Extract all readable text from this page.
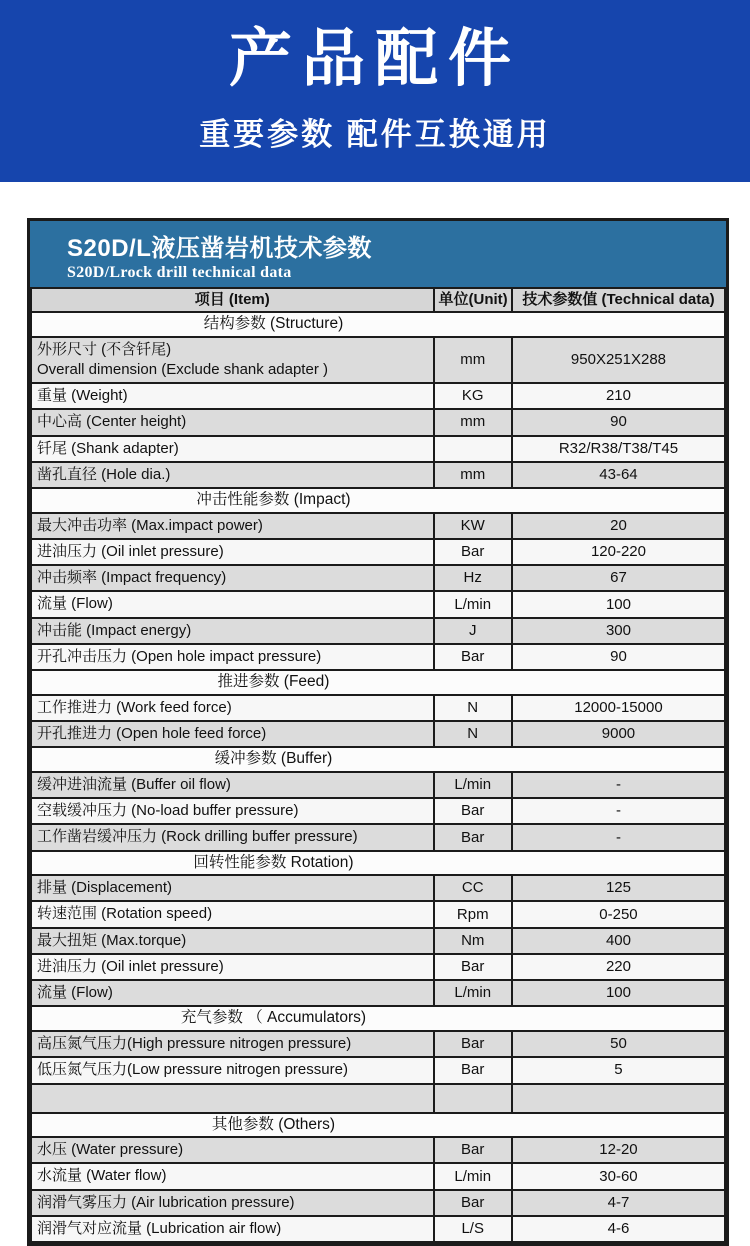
产品配件
重要参数 配件互换通用
S20D/L液压凿岩机技术参数
S20D/Lrock drill technical data
项目 (Item)	单位(Unit)	技术参数值 (Technical data)
结构参数 (Structure)		

外形尺寸 (不含钎尾)
Overall dimension (Exclude shank adapter )	mm	950X251X288

重量 (Weight)	KG	210

中心高 (Center height)	mm	90

钎尾 (Shank adapter)		R32/R38/T38/T45

凿孔直径 (Hole dia.)	mm	43-64
冲击性能参数 (Impact)		

最大冲击功率 (Max.impact power)	KW	20

进油压力 (Oil inlet pressure)	Bar	120-220

冲击频率 (Impact frequency)	Hz	67

流量 (Flow)	L/min	100

冲击能 (Impact energy)	J	300

开孔冲击压力 (Open hole impact pressure)	Bar	90
推进参数 (Feed)		

工作推进力 (Work feed force)	N	12000-15000

开孔推进力 (Open hole feed force)	N	9000
缓冲参数 (Buffer)		

缓冲进油流量 (Buffer oil flow)	L/min	-

空载缓冲压力 (No-load buffer pressure)	Bar	-

工作凿岩缓冲压力 (Rock drilling buffer pressure)	Bar	-
回转性能参数 Rotation)		

排量 (Displacement)	CC	125

转速范围 (Rotation speed)	Rpm	0-250

最大扭矩 (Max.torque)	Nm	400

进油压力 (Oil inlet pressure)	Bar	220

流量 (Flow)	L/min	100
充气参数 （ Accumulators)		

高压氮气压力(High pressure nitrogen pressure)	Bar	50

低压氮气压力(Low pressure nitrogen pressure)	Bar	5

其他参数 (Others)		

水压 (Water pressure)	Bar	12-20

水流量 (Water flow)	L/min	30-60

润滑气雾压力 (Air lubrication pressure)	Bar	4-7

润滑气对应流量 (Lubrication air flow)	L/S	4-6
